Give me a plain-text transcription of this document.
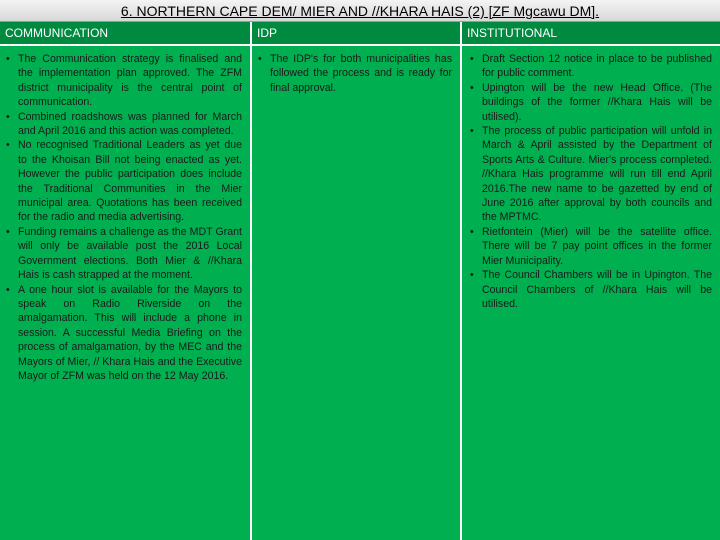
6. NORTHERN CAPE DEM/ MIER AND //KHARA HAIS (2) [ZF Mgcawu DM].
COMMUNICATION
• The Communication strategy is finalised and the implementation plan approved. The ZFM district municipality is the central point of communication.
• Combined roadshows was planned for March and April 2016 and this action was completed.
• No recognised Traditional Leaders as yet due to the Khoisan Bill not being enacted as yet. However the public participation does include the Traditional Communities in the Mier municipal area. Quotations has been received for the radio and media advertising.
• Funding remains a challenge as the MDT Grant will only be available post the 2016 Local Government elections. Both Mier & //Khara Hais is cash strapped at the moment.
• A one hour slot is available for the Mayors to speak on Radio Riverside on the amalgamation. This will include a phone in session. A successful Media Briefing on the process of amalgamation, by the MEC and the Mayors of Mier, // Khara Hais and the Executive Mayor of ZFM was held on the 12 May 2016.
IDP
• The IDP's for both municipalities has followed the process and is ready for final approval.
INSTITUTIONAL
• Draft Section 12 notice in place to be published for public comment.
• Upington will be the new Head Office. (The buildings of the former //Khara Hais will be utilised).
• The process of public participation will unfold in March & April assisted by the Department of Sports Arts & Culture. Mier's process completed. //Khara Hais programme will run till end April 2016.The new name to be gazetted by end of June 2016 after approval by both councils and the MPTMC.
• Rietfontein (Mier) will be the satellite office. There will be 7 pay point offices in the former Mier Municipality.
• The Council Chambers will be in Upington. The Council Chambers of //Khara Hais will be utilised.
